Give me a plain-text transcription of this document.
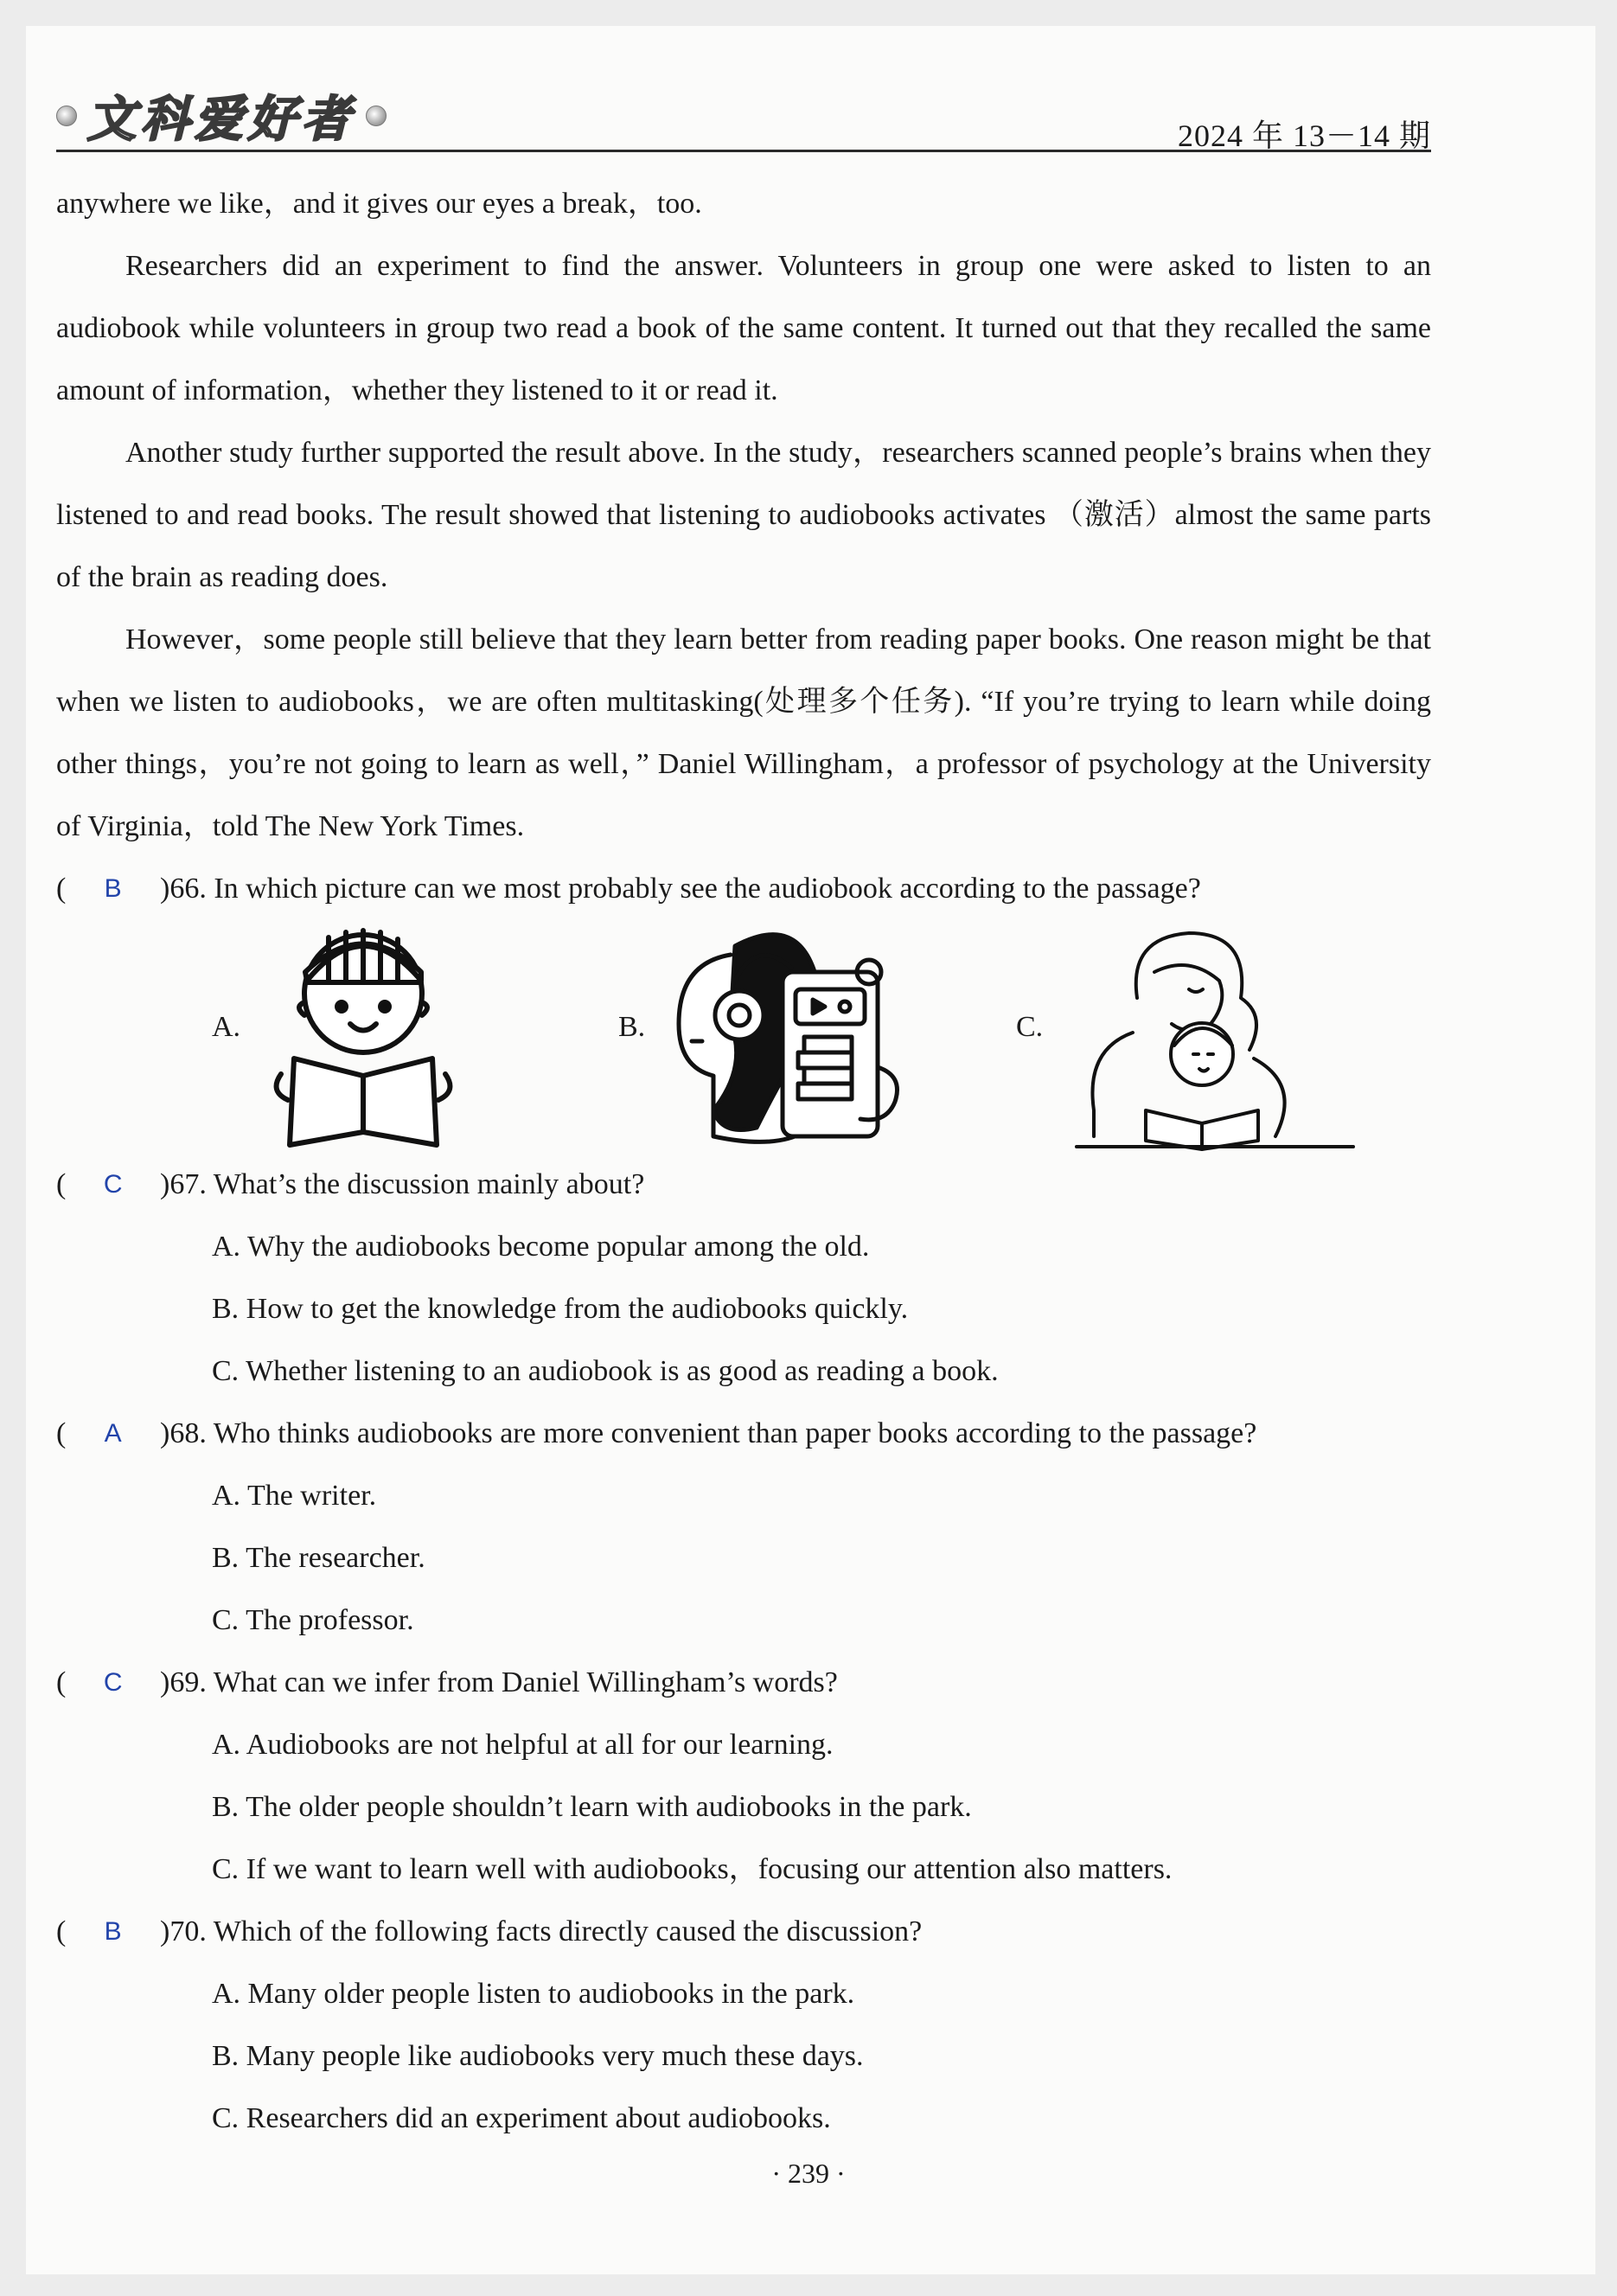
文科爱好者	2024 年 13－14 期

anywhere we like，and it gives our eyes a break，too.

Researchers did an experiment to find the answer. Volunteers in group one were asked to listen to an audiobook while volunteers in group two read a book of the same content. It turned out that they recalled the same amount of information，whether they listened to it or read it.

Another study further supported the result above. In the study，researchers scanned people’s brains when they listened to and read books. The result showed that listening to audiobooks activates （激活）almost the same parts of the brain as reading does.

However，some people still believe that they learn better from reading paper books. One reason might be that when we listen to audiobooks，we are often multitasking(处理多个任务). “If you’re trying to learn while doing other things，you’re not going to learn as well，” Daniel Willingham，a professor of psychology at the University of Virginia，told The New York Times.

( B )66. In which picture can we most probably see the audiobook according to the passage?
A.	B.	C.
( C )67. What’s the discussion mainly about?

A. Why the audiobooks become popular among the old.

B. How to get the knowledge from the audiobooks quickly.

C. Whether listening to an audiobook is as good as reading a book.

( A )68. Who thinks audiobooks are more convenient than paper books according to the passage?

A. The writer.

B. The researcher.

C. The professor.

( C )69. What can we infer from Daniel Willingham’s words?

A. Audiobooks are not helpful at all for our learning.

B. The older people shouldn’t learn with audiobooks in the park.

C. If we want to learn well with audiobooks，focusing our attention also matters.

( B )70. Which of the following facts directly caused the discussion?

A. Many older people listen to audiobooks in the park.

B. Many people like audiobooks very much these days.

C. Researchers did an experiment about audiobooks.

· 239 ·
